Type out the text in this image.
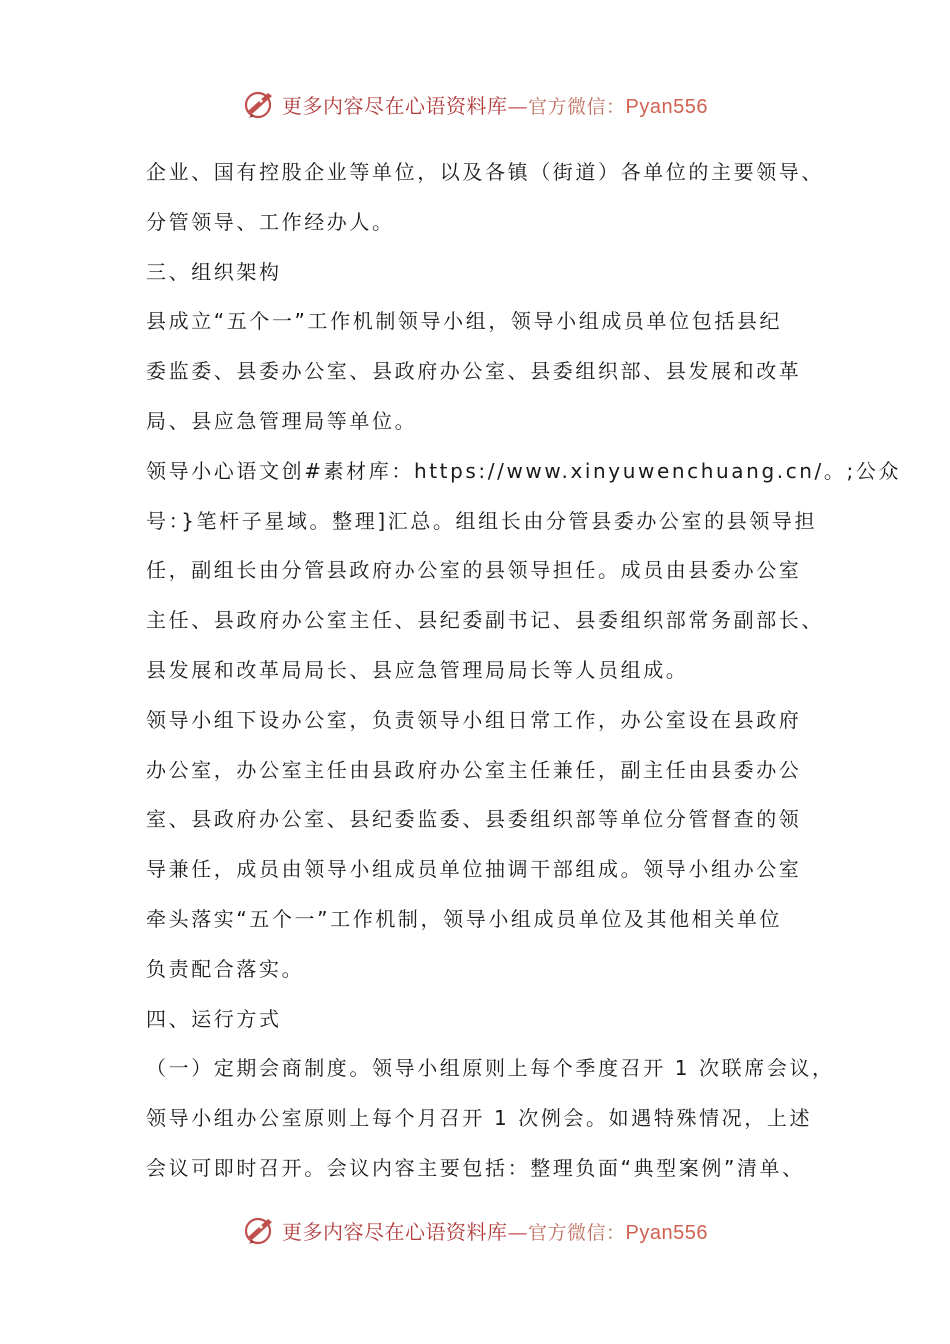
更多内容尽在心语资料库—官方微信：Pyan556
企业、国有控股企业等单位，以及各镇（街道）各单位的主要领导、
分管领导、工作经办人。
三、组织架构
县成立“五个一”工作机制领导小组，领导小组成员单位包括县纪
委监委、县委办公室、县政府办公室、县委组织部、县发展和改革
局、县应急管理局等单位。
领导小心语文创#素材库：https://www.xinyuwenchuang.cn/。;公众
号：}笔杆子星域。整理]汇总。组组长由分管县委办公室的县领导担
任，副组长由分管县政府办公室的县领导担任。成员由县委办公室
主任、县政府办公室主任、县纪委副书记、县委组织部常务副部长、
县发展和改革局局长、县应急管理局局长等人员组成。
领导小组下设办公室，负责领导小组日常工作，办公室设在县政府
办公室，办公室主任由县政府办公室主任兼任，副主任由县委办公
室、县政府办公室、县纪委监委、县委组织部等单位分管督查的领
导兼任，成员由领导小组成员单位抽调干部组成。领导小组办公室
牵头落实“五个一”工作机制，领导小组成员单位及其他相关单位
负责配合落实。
四、运行方式
（一）定期会商制度。领导小组原则上每个季度召开 1 次联席会议，
领导小组办公室原则上每个月召开 1 次例会。如遇特殊情况，上述
会议可即时召开。会议内容主要包括：整理负面“典型案例”清单、
更多内容尽在心语资料库—官方微信：Pyan556
